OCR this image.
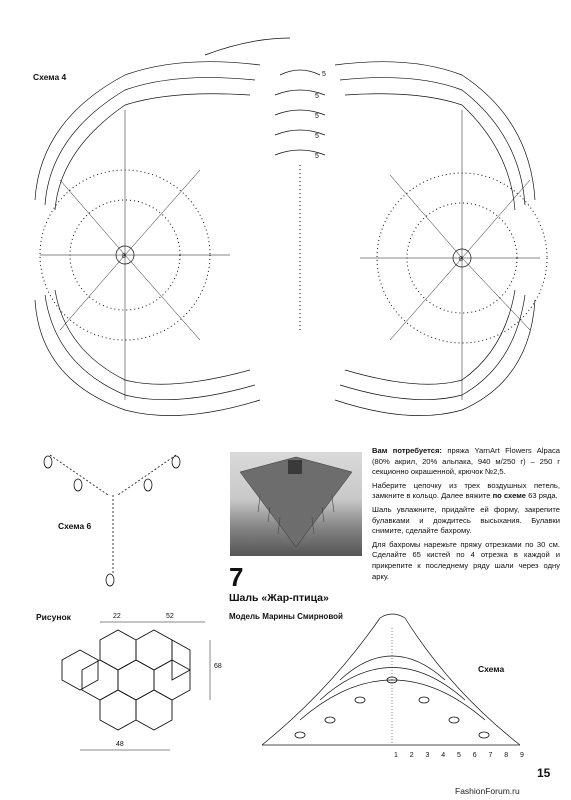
Схема 4	5
5
5
5
5
8	8
Схема 6
Рисунок	22	52
68
48
7
Шаль «Жар-птица»
Модель Марины Смирновой

Вам потребуется: пряжа YarnArt Flowers Alpaca (80% акрил, 20% альпака, 940 м/250 г) – 250 г секционно окрашенной, крючок №2,5.

Наберите цепочку из трех воздушных петель, замкните в кольцо. Далее вяжите по схеме 63 ряда.

Шаль увлажните, придайте ей форму, закрепите булавками и дождитесь высыхания. Булавки снимите, сделайте бахрому.

Для бахромы нарежьте пряжу отрезками по 30 см. Сделайте 65 кистей по 4 отрезка в каждой и прикрепите к последнему ряду шали через одну арку.

Схема
1 2 3 4 5 6 7 8 9
15
FashionForum.ru
